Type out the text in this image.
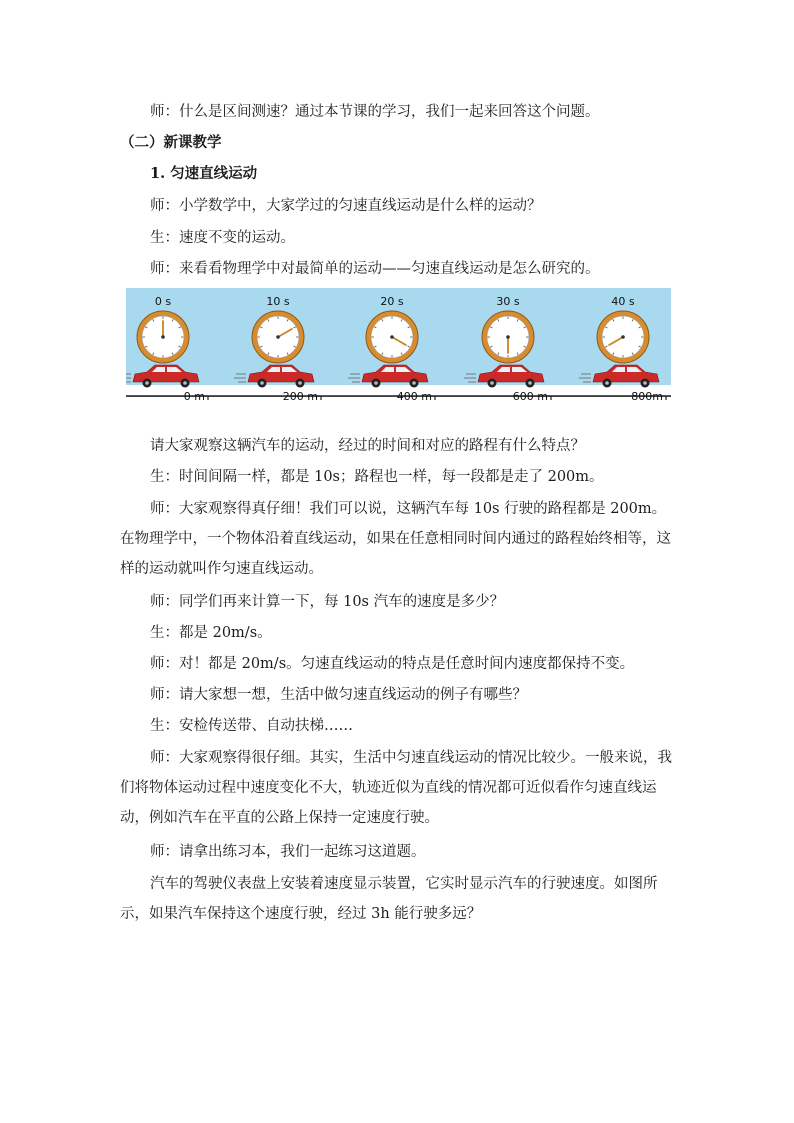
师：什么是区间测速？通过本节课的学习，我们一起来回答这个问题。
（二）新课教学
1. 匀速直线运动
师：小学数学中，大家学过的匀速直线运动是什么样的运动？
生：速度不变的运动。
师：来看看物理学中对最简单的运动——匀速直线运动是怎么研究的。
0 s
0 m
10 s
200 m
20 s
400 m
30 s
600 m
40 s
800m
请大家观察这辆汽车的运动，经过的时间和对应的路程有什么特点？
生：时间间隔一样，都是 10s；路程也一样，每一段都是走了 200m。
师：大家观察得真仔细！我们可以说，这辆汽车每 10s 行驶的路程都是 200m。在物理学中，一个物体沿着直线运动，如果在任意相同时间内通过的路程始终相等，这样的运动就叫作匀速直线运动。
师：同学们再来计算一下，每 10s 汽车的速度是多少？
生：都是 20m/s。
师：对！都是 20m/s。匀速直线运动的特点是任意时间内速度都保持不变。
师：请大家想一想，生活中做匀速直线运动的例子有哪些？
生：安检传送带、自动扶梯……
师：大家观察得很仔细。其实，生活中匀速直线运动的情况比较少。一般来说，我们将物体运动过程中速度变化不大，轨迹近似为直线的情况都可近似看作匀速直线运动，例如汽车在平直的公路上保持一定速度行驶。
师：请拿出练习本，我们一起练习这道题。
汽车的驾驶仪表盘上安装着速度显示装置，它实时显示汽车的行驶速度。如图所示，如果汽车保持这个速度行驶，经过 3h 能行驶多远？
